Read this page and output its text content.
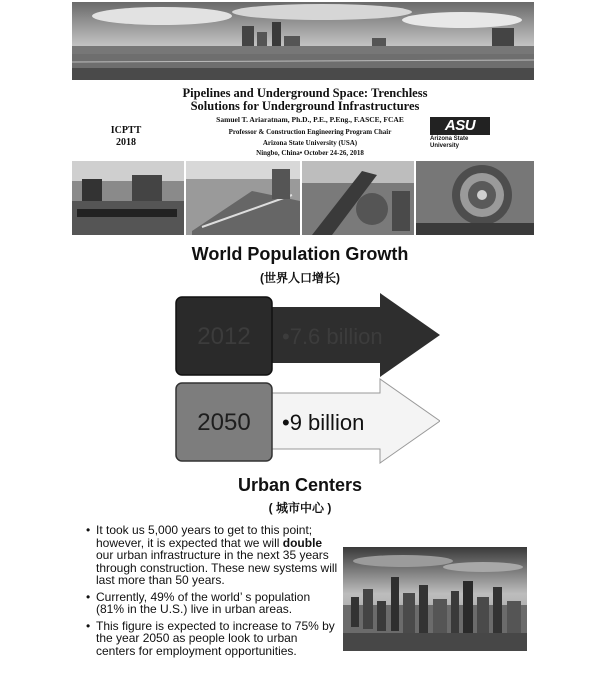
Pipelines and Underground Space: Trenchless
Solutions for Underground Infrastructures
Samuel T. Ariaratnam, Ph.D., P.E., P.Eng., F.ASCE, FCAE
Professor & Construction Engineering Program Chair
Arizona State University (USA)
Ningbo, China• October 24-26, 2018
ICPTT
2018
ASU
Arizona State
University
World Population Growth
(世界人口增长)
2012 •7.6 billion
2050 •9 billion
Urban Centers
( 城市中心 )
• It took us 5,000 years to get to this point; however, it is expected that we will double our urban infrastructure in the next 35 years through construction. These new systems will last more than 50 years.
• Currently, 49% of the world’ s population (81% in the U.S.) live in urban areas.
• This figure is expected to increase to 75% by the year 2050 as people look to urban centers for employment opportunities.
